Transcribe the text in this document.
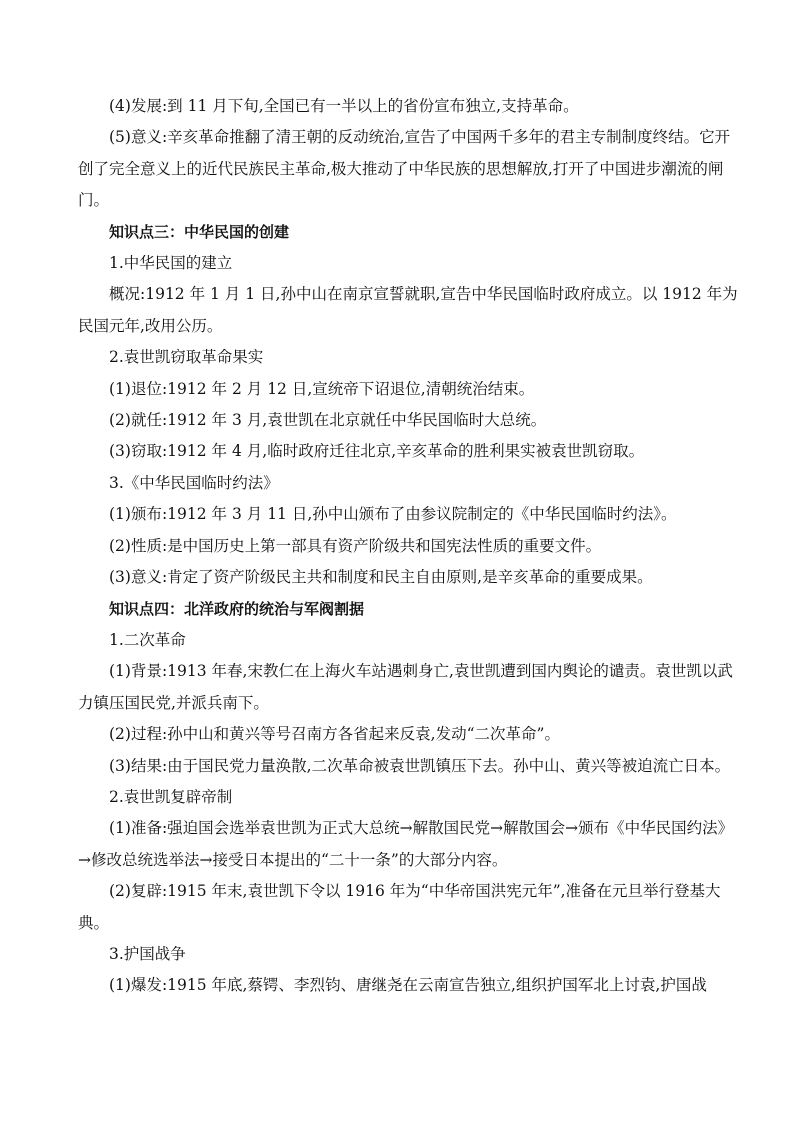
(4)发展:到 11 月下旬,全国已有一半以上的省份宣布独立,支持革命。

(5)意义:辛亥革命推翻了清王朝的反动统治,宣告了中国两千多年的君主专制制度终结。它开创了完全意义上的近代民族民主革命,极大推动了中华民族的思想解放,打开了中国进步潮流的闸门。

知识点三：中华民国的创建

1.中华民国的建立

概况:1912 年 1 月 1 日,孙中山在南京宣誓就职,宣告中华民国临时政府成立。以 1912 年为民国元年,改用公历。

2.袁世凯窃取革命果实

(1)退位:1912 年 2 月 12 日,宣统帝下诏退位,清朝统治结束。

(2)就任:1912 年 3 月,袁世凯在北京就任中华民国临时大总统。

(3)窃取:1912 年 4 月,临时政府迁往北京,辛亥革命的胜利果实被袁世凯窃取。

3.《中华民国临时约法》

(1)颁布:1912 年 3 月 11 日,孙中山颁布了由参议院制定的《中华民国临时约法》。

(2)性质:是中国历史上第一部具有资产阶级共和国宪法性质的重要文件。

(3)意义:肯定了资产阶级民主共和制度和民主自由原则,是辛亥革命的重要成果。

知识点四：北洋政府的统治与军阀割据

1.二次革命

(1)背景:1913 年春,宋教仁在上海火车站遇刺身亡,袁世凯遭到国内舆论的谴责。袁世凯以武力镇压国民党,并派兵南下。

(2)过程:孙中山和黄兴等号召南方各省起来反袁,发动“二次革命”。

(3)结果:由于国民党力量涣散,二次革命被袁世凯镇压下去。孙中山、黄兴等被迫流亡日本。

2.袁世凯复辟帝制

(1)准备:强迫国会选举袁世凯为正式大总统→解散国民党→解散国会→颁布《中华民国约法》→修改总统选举法→接受日本提出的“二十一条”的大部分内容。

(2)复辟:1915 年末,袁世凯下令以 1916 年为“中华帝国洪宪元年”,准备在元旦举行登基大典。

3.护国战争

(1)爆发:1915 年底,蔡锷、李烈钧、唐继尧在云南宣告独立,组织护国军北上讨袁,护国战
